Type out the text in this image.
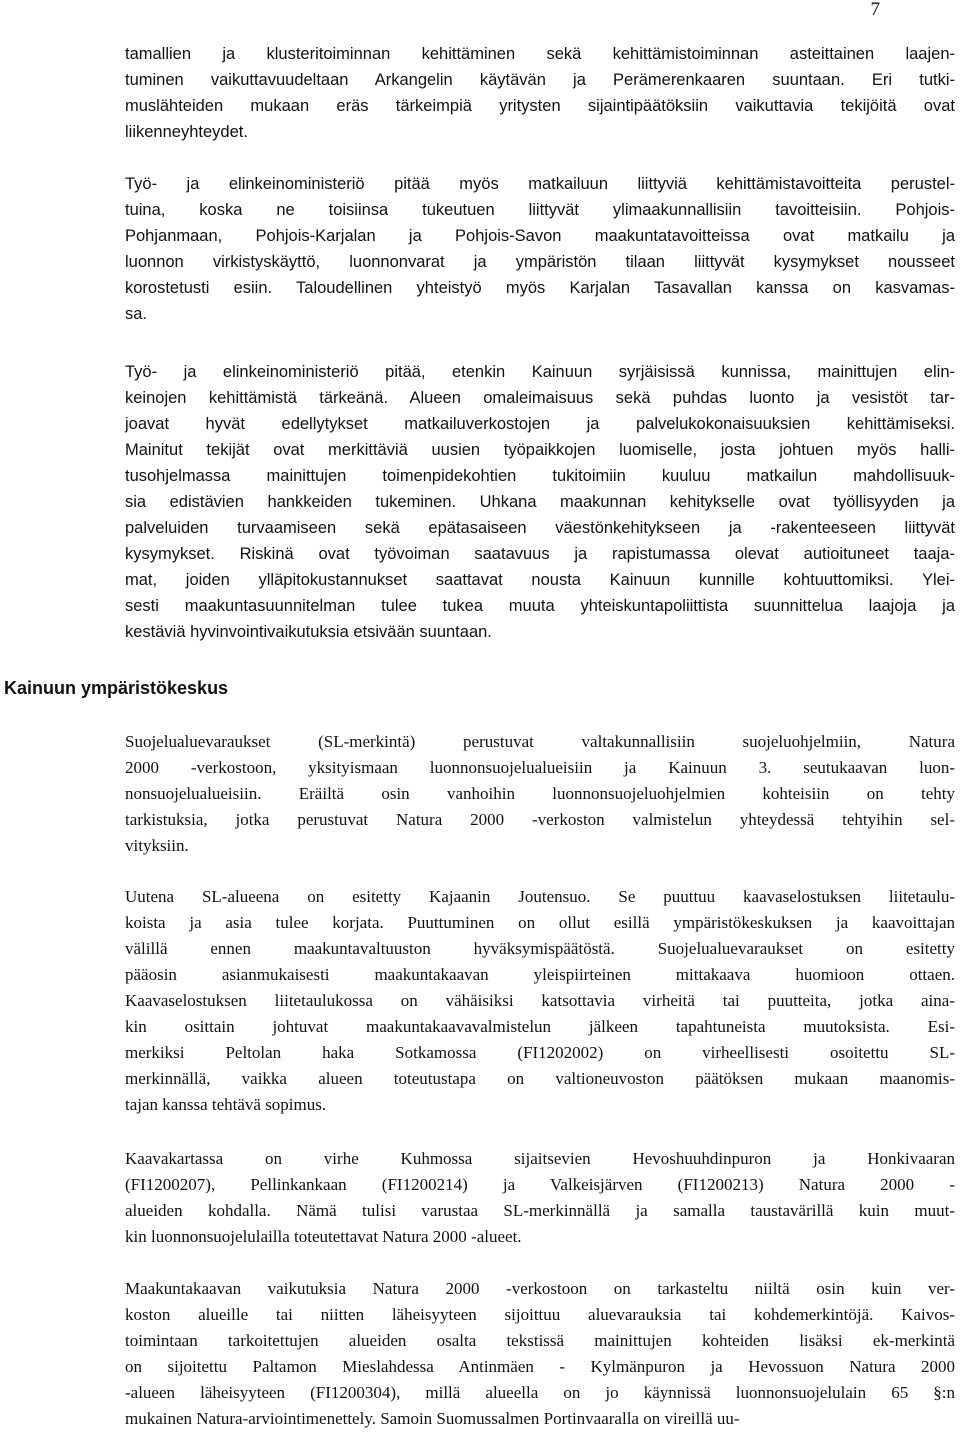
7
Kainuun ympäristökeskus
tamallien ja klusteritoiminnan kehittäminen sekä kehittämistoiminnan asteittainen laajen-
tuminen vaikuttavuudeltaan Arkangelin käytävän ja Perämerenkaaren suuntaan. Eri tutki-
muslähteiden mukaan eräs tärkeimpiä yritysten sijaintipäätöksiin vaikuttavia tekijöitä ovat
liikenneyhteydet.
Työ- ja elinkeinoministeriö pitää myös matkailuun liittyviä kehittämistavoitteita perustel-
tuina, koska ne toisiinsa tukeutuen liittyvät ylimaakunnallisiin tavoitteisiin. Pohjois-
Pohjanmaan, Pohjois-Karjalan ja Pohjois-Savon maakuntatavoitteissa ovat matkailu ja
luonnon virkistyskäyttö, luonnonvarat ja ympäristön tilaan liittyvät kysymykset nousseet
korostetusti esiin. Taloudellinen yhteistyö myös Karjalan Tasavallan kanssa on kasvamas-
sa.
Työ- ja elinkeinoministeriö pitää, etenkin Kainuun syrjäisissä kunnissa, mainittujen elin-
keinojen kehittämistä tärkeänä. Alueen omaleimaisuus sekä puhdas luonto ja vesistöt tar-
joavat hyvät edellytykset matkailuverkostojen ja palvelukokonaisuuksien kehittämiseksi.
Mainitut tekijät ovat merkittäviä uusien työpaikkojen luomiselle, josta johtuen myös halli-
tusohjelmassa mainittujen toimenpidekohtien tukitoimiin kuuluu matkailun mahdollisuuk-
sia edistävien hankkeiden tukeminen. Uhkana maakunnan kehitykselle ovat työllisyyden ja
palveluiden turvaamiseen sekä epätasaiseen väestönkehitykseen ja -rakenteeseen liittyvät
kysymykset. Riskinä ovat työvoiman saatavuus ja rapistumassa olevat autioituneet taaja-
mat, joiden ylläpitokustannukset saattavat nousta Kainuun kunnille kohtuuttomiksi. Ylei-
sesti maakuntasuunnitelman tulee tukea muuta yhteiskuntapoliittista suunnittelua laajoja ja
kestäviä hyvinvointivaikutuksia etsivään suuntaan.
Suojelualuevaraukset (SL-merkintä) perustuvat valtakunnallisiin suojeluohjelmiin, Natura
2000 -verkostoon, yksityismaan luonnonsuojelualueisiin ja Kainuun 3. seutukaavan luon-
nonsuojelualueisiin. Eräiltä osin vanhoihin luonnonsuojeluohjelmien kohteisiin on tehty
tarkistuksia, jotka perustuvat Natura 2000 -verkoston valmistelun yhteydessä tehtyihin sel-
vityksiin.
Uutena SL-alueena on esitetty Kajaanin Joutensuo. Se puuttuu kaavaselostuksen liitetaulu-
koista ja asia tulee korjata. Puuttuminen on ollut esillä ympäristökeskuksen ja kaavoittajan
välillä ennen maakuntavaltuuston hyväksymispäätöstä. Suojelualuevaraukset on esitetty
pääosin asianmukaisesti maakuntakaavan yleispiirteinen mittakaava huomioon ottaen.
Kaavaselostuksen liitetaulukossa on vähäisiksi katsottavia virheitä tai puutteita, jotka aina-
kin osittain johtuvat maakuntakaavavalmistelun jälkeen tapahtuneista muutoksista. Esi-
merkiksi Peltolan haka Sotkamossa (FI1202002) on virheellisesti osoitettu SL-
merkinnällä, vaikka alueen toteutustapa on valtioneuvoston päätöksen mukaan maanomis-
tajan kanssa tehtävä sopimus.
Kaavakartassa on virhe Kuhmossa sijaitsevien Hevoshuuhdinpuron ja Honkivaaran
(FI1200207), Pellinkankaan (FI1200214) ja Valkeisjärven (FI1200213) Natura 2000 -
alueiden kohdalla. Nämä tulisi varustaa SL-merkinnällä ja samalla taustavärillä kuin muut-
kin luonnonsuojelulailla toteutettavat Natura 2000 -alueet.
Maakuntakaavan vaikutuksia Natura 2000 -verkostoon on tarkasteltu niiltä osin kuin ver-
koston alueille tai niitten läheisyyteen sijoittuu aluevarauksia tai kohdemerkintöjä. Kaivos-
toimintaan tarkoitettujen alueiden osalta tekstissä mainittujen kohteiden lisäksi ek-merkintä
on sijoitettu Paltamon Mieslahdessa Antinmäen - Kylmänpuron ja Hevossuon Natura 2000
-alueen läheisyyteen (FI1200304), millä alueella on jo käynnissä luonnonsuojelulain 65 §:n
mukainen Natura-arviointimenettely. Samoin Suomussalmen Portinvaaralla on vireillä uu-
